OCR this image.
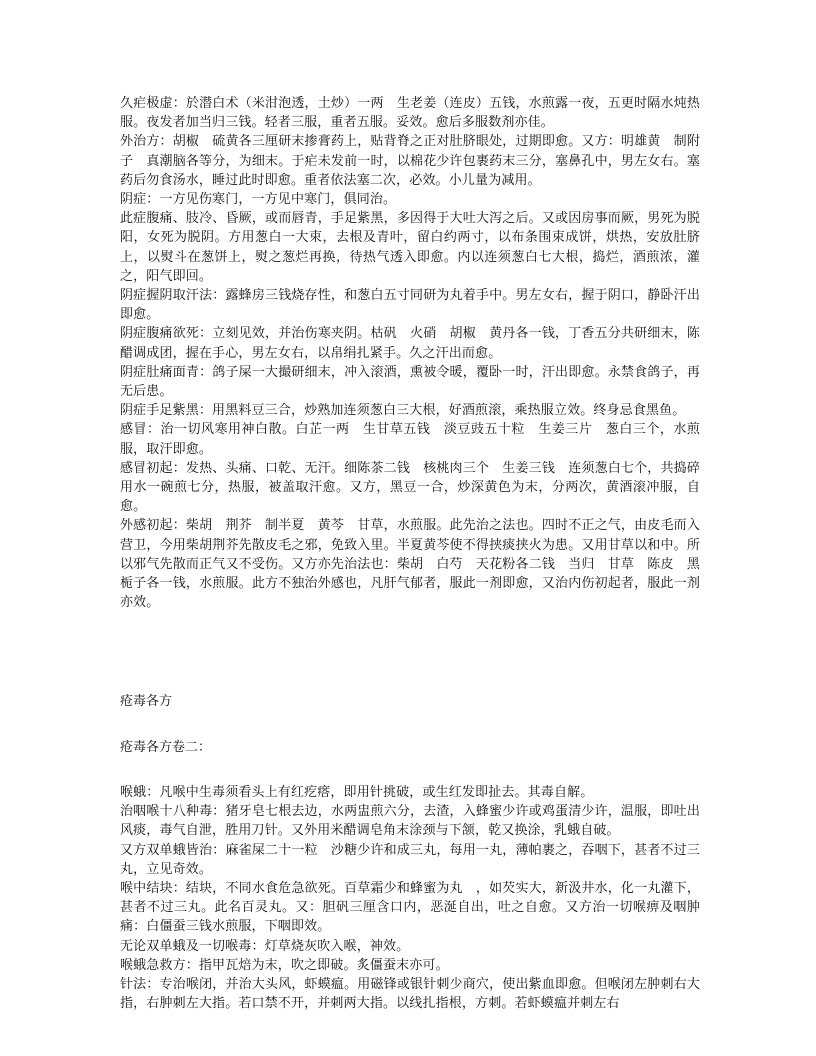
久疟极虚：於潜白术（米泔泡透，土炒）一两　生老姜（连皮）五钱，水煎露一夜，五更时隔水炖热服。夜发者加当归三钱。轻者三服，重者五服。妥效。愈后多服数剂亦佳。

外治方：胡椒　硫黄各三厘研末掺膏药上，贴背脊之正对肚脐眼处，过期即愈。又方：明雄黄　制附子　真潮脑各等分，为细末。于疟未发前一时，以棉花少许包裹药末三分，塞鼻孔中，男左女右。塞药后勿食汤水，睡过此时即愈。重者依法塞二次，必效。小儿量为减用。

阴症：一方见伤寒门，一方见中寒门，俱同治。

此症腹痛、肢冷、昏厥，或而唇青，手足紫黑，多因得于大吐大泻之后。又或因房事而厥，男死为脱阳，女死为脱阴。方用葱白一大束，去根及青叶，留白约两寸，以布条围束成饼，烘热，安放肚脐上，以熨斗在葱饼上，熨之葱烂再换，待热气透入即愈。内以连须葱白七大根，捣烂，酒煎浓，灌之，阳气即回。

阴症握阴取汗法：露蜂房三钱烧存性，和葱白五寸同研为丸着手中。男左女右，握于阴口，静卧汗出即愈。

阴症腹痛欲死：立刻见效，并治伤寒夹阴。枯矾　火硝　胡椒　黄丹各一钱，丁香五分共研细末，陈醋调成团，握在手心，男左女右，以帛绢扎紧手。久之汗出而愈。

阴症肚痛面青：鸽子屎一大撮研细末，冲入滚酒，熏被令暖，覆卧一时，汗出即愈。永禁食鸽子，再无后患。

阴症手足紫黑：用黑料豆三合，炒熟加连须葱白三大根，好酒煎滚，乘热服立效。终身忌食黑鱼。

感冒：治一切风寒用神白散。白芷一两　生甘草五钱　淡豆豉五十粒　生姜三片　葱白三个，水煎服，取汗即愈。

感冒初起：发热、头痛、口乾、无汗。细陈茶二钱　核桃肉三个　生姜三钱　连须葱白七个，共捣碎用水一碗煎七分，热服，被盖取汗愈。又方，黑豆一合，炒深黄色为末，分两次，黄酒滚冲服，自愈。

外感初起：柴胡　荆芥　制半夏　黄芩　甘草，水煎服。此先治之法也。四时不正之气，由皮毛而入营卫，今用柴胡荆芥先散皮毛之邪，免致入里。半夏黄芩使不得挟痰挟火为患。又用甘草以和中。所以邪气先散而正气又不受伤。又方亦先治法也：柴胡　白芍　天花粉各二钱　当归　甘草　陈皮　黑栀子各一钱，水煎服。此方不独治外感也，凡肝气郁者，服此一剂即愈，又治内伤初起者，服此一剂亦效。

疮毒各方

疮毒各方卷二：

喉蛾：凡喉中生毒须看头上有红疙瘩，即用针挑破，或生红发即扯去。其毒自解。

治咽喉十八种毒：猪牙皂七根去边，水两盅煎六分，去渣，入蜂蜜少许或鸡蛋清少许，温服，即吐出风痰，毒气自泄，胜用刀针。又外用米醋调皂角末涂颈与下颔，乾又换涂，乳蛾自破。

又方双单蛾皆治：麻雀屎二十一粒　沙糖少许和成三丸，每用一丸，薄帕裹之，吞咽下，甚者不过三丸，立见奇效。

喉中结块：结块，不同水食危急欲死。百草霜少和蜂蜜为丸　，如芡实大，新汲井水，化一丸灌下，甚者不过三丸。此名百灵丸。又：胆矾三厘含口内，恶涎自出，吐之自愈。又方治一切喉痹及咽肿痛：白僵蚕三钱水煎服，下咽即效。

无论双单蛾及一切喉毒：灯草烧灰吹入喉，神效。

喉蛾急救方：指甲瓦焙为末，吹之即破。炙僵蚕末亦可。

针法：专治喉闭，并治大头风，虾蟆瘟。用磁锋或银针刺少商穴，使出紫血即愈。但喉闭左肿刺右大指，右肿刺左大指。若口禁不开，并刺两大指。以线扎指根，方刺。若虾蟆瘟并刺左右
